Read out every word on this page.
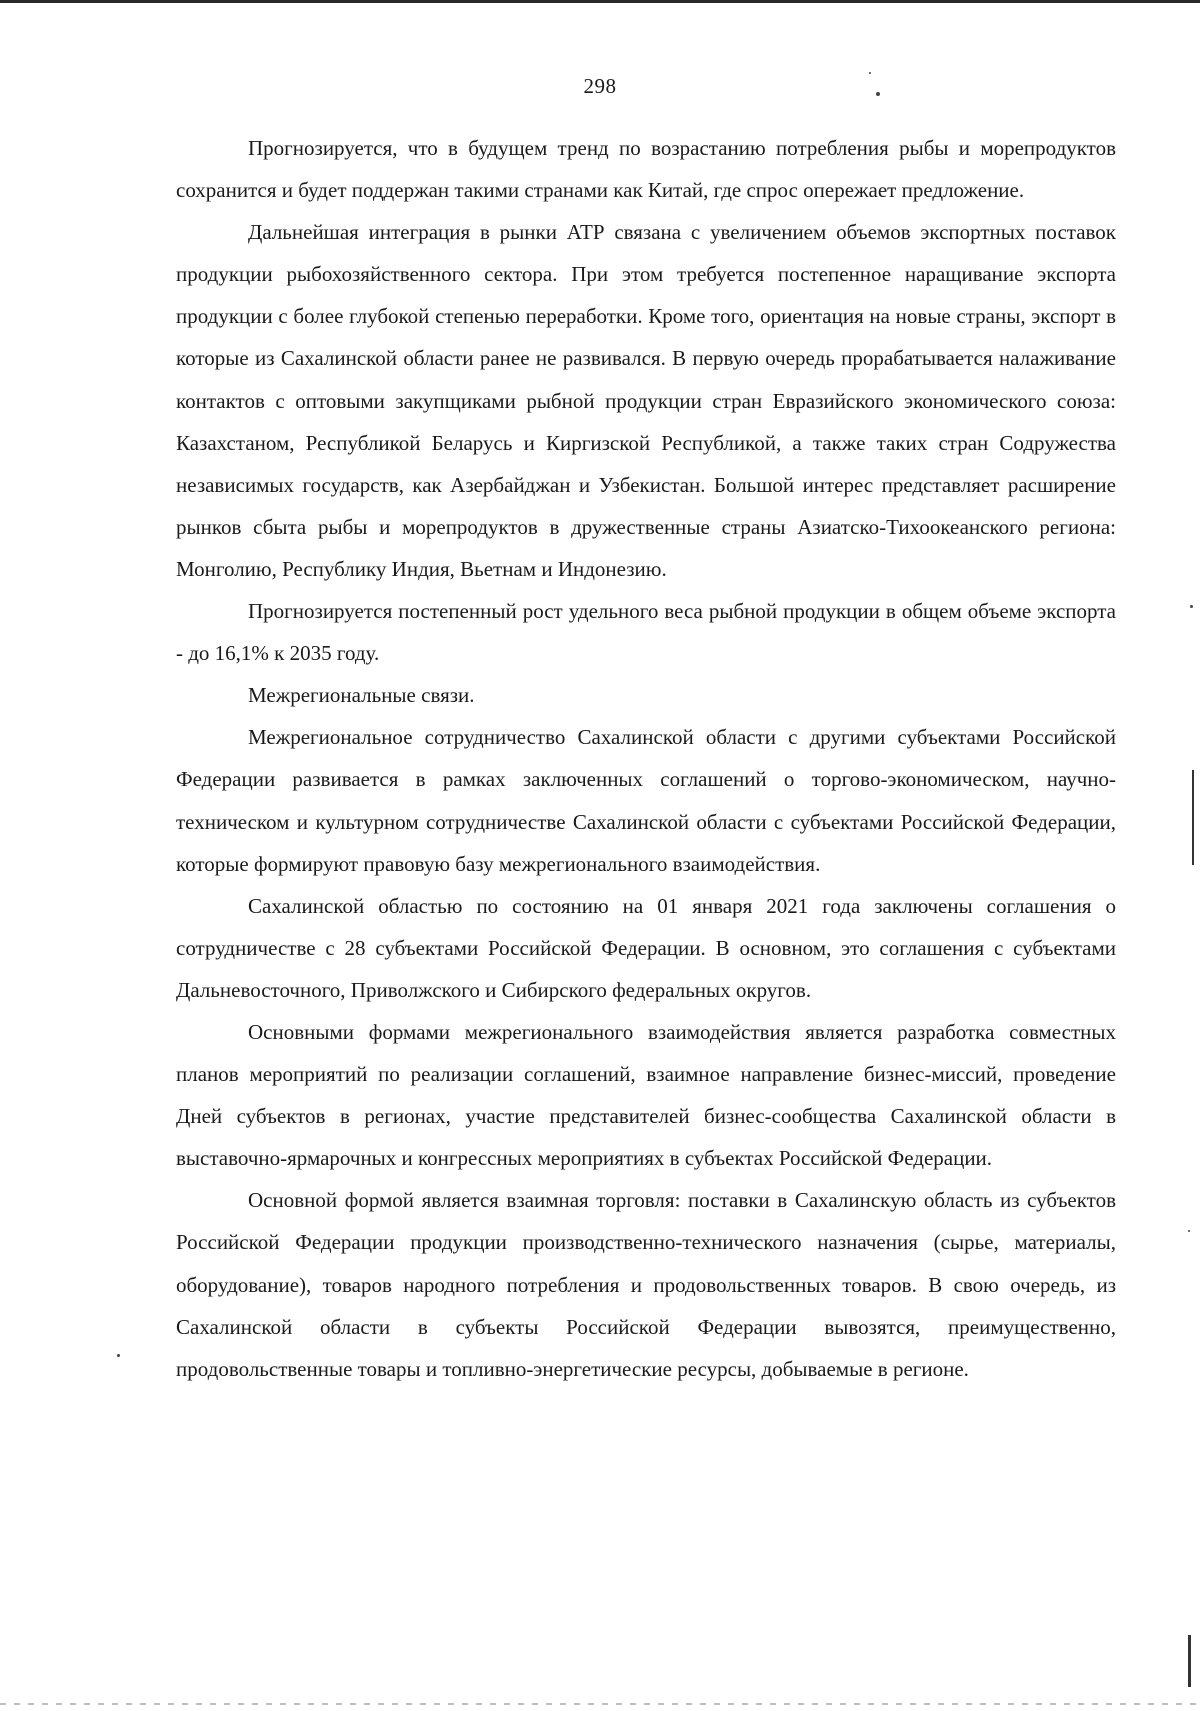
298

Прогнозируется, что в будущем тренд по возрастанию потребления рыбы и морепродуктов сохранится и будет поддержан такими странами как Китай, где спрос опережает предложение.

Дальнейшая интеграция в рынки АТР связана с увеличением объемов экспортных поставок продукции рыбохозяйственного сектора. При этом требуется постепенное наращивание экспорта продукции с более глубокой степенью переработки. Кроме того, ориентация на новые страны, экспорт в которые из Сахалинской области ранее не развивался. В первую очередь прорабатывается налаживание контактов с оптовыми закупщиками рыбной продукции стран Евразийского экономического союза: Казахстаном, Республикой Беларусь и Киргизской Республикой, а также таких стран Содружества независимых государств, как Азербайджан и Узбекистан. Большой интерес представляет расширение рынков сбыта рыбы и морепродуктов в дружественные страны Азиатско-Тихоокеанского региона: Монголию, Республику Индия, Вьетнам и Индонезию.

Прогнозируется постепенный рост удельного веса рыбной продукции в общем объеме экспорта - до 16,1% к 2035 году.

Межрегиональные связи.

Межрегиональное сотрудничество Сахалинской области с другими субъектами Российской Федерации развивается в рамках заключенных соглашений о торгово-экономическом, научно-техническом и культурном сотрудничестве Сахалинской области с субъектами Российской Федерации, которые формируют правовую базу межрегионального взаимодействия.

Сахалинской областью по состоянию на 01 января 2021 года заключены соглашения о сотрудничестве с 28 субъектами Российской Федерации. В основном, это соглашения с субъектами Дальневосточного, Приволжского и Сибирского федеральных округов.

Основными формами межрегионального взаимодействия является разработка совместных планов мероприятий по реализации соглашений, взаимное направление бизнес-миссий, проведение Дней субъектов в регионах, участие представителей бизнес-сообщества Сахалинской области в выставочно-ярмарочных и конгрессных мероприятиях в субъектах Российской Федерации.

Основной формой является взаимная торговля: поставки в Сахалинскую область из субъектов Российской Федерации продукции производственно-технического назначения (сырье, материалы, оборудование), товаров народного потребления и продовольственных товаров. В свою очередь, из Сахалинской области в субъекты Российской Федерации вывозятся, преимущественно, продовольственные товары и топливно-энергетические ресурсы, добываемые в регионе.
